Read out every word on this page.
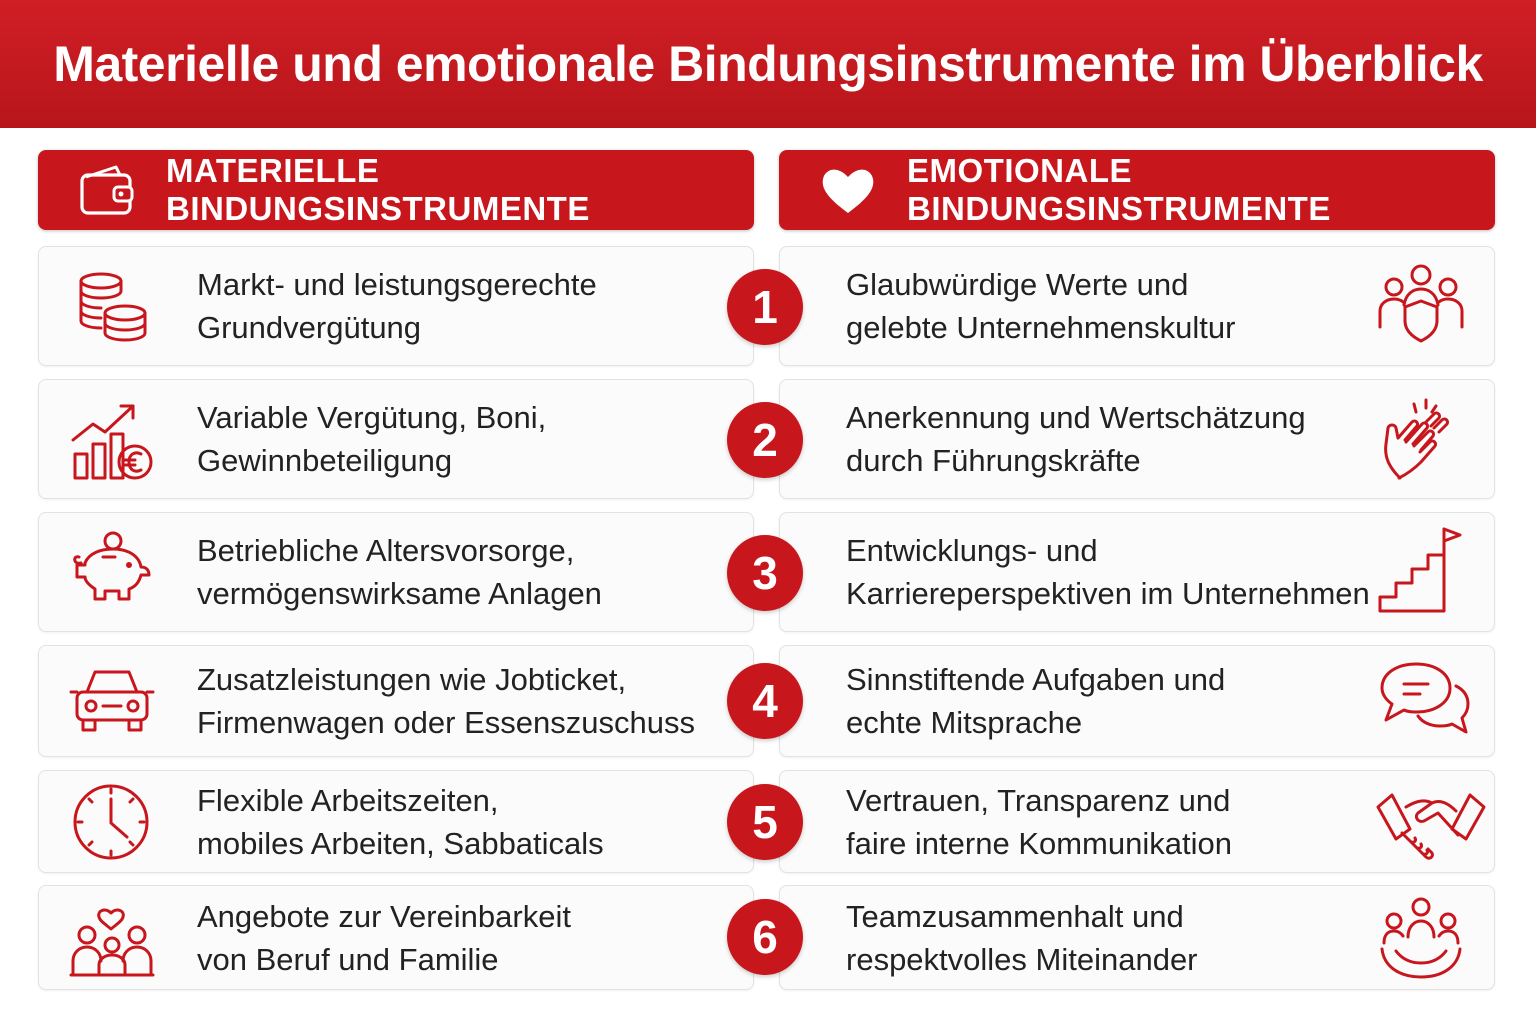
Materielle und emotionale Bindungsinstrumente im Überblick
MATERIELLE BINDUNGSINSTRUMENTE
EMOTIONALE BINDUNGSINSTRUMENTE
Markt- und leistungsgerechte
Grundvergütung
Variable Vergütung, Boni,
Gewinnbeteiligung
Betriebliche Altersvorsorge,
vermögenswirksame Anlagen
Zusatzleistungen wie Jobticket,
Firmenwagen oder Essenszuschuss
Flexible Arbeitszeiten,
mobiles Arbeiten, Sabbaticals
Angebote zur Vereinbarkeit
von Beruf und Familie
Glaubwürdige Werte und
gelebte Unternehmenskultur
Anerkennung und Wertschätzung
durch Führungskräfte
Entwicklungs- und
Karriereperspektiven im Unternehmen
Sinnstiftende Aufgaben und
echte Mitsprache
Vertrauen, Transparenz und
faire interne Kommunikation
Teamzusammenhalt und
respektvolles Miteinander
1
2
3
4
5
6
